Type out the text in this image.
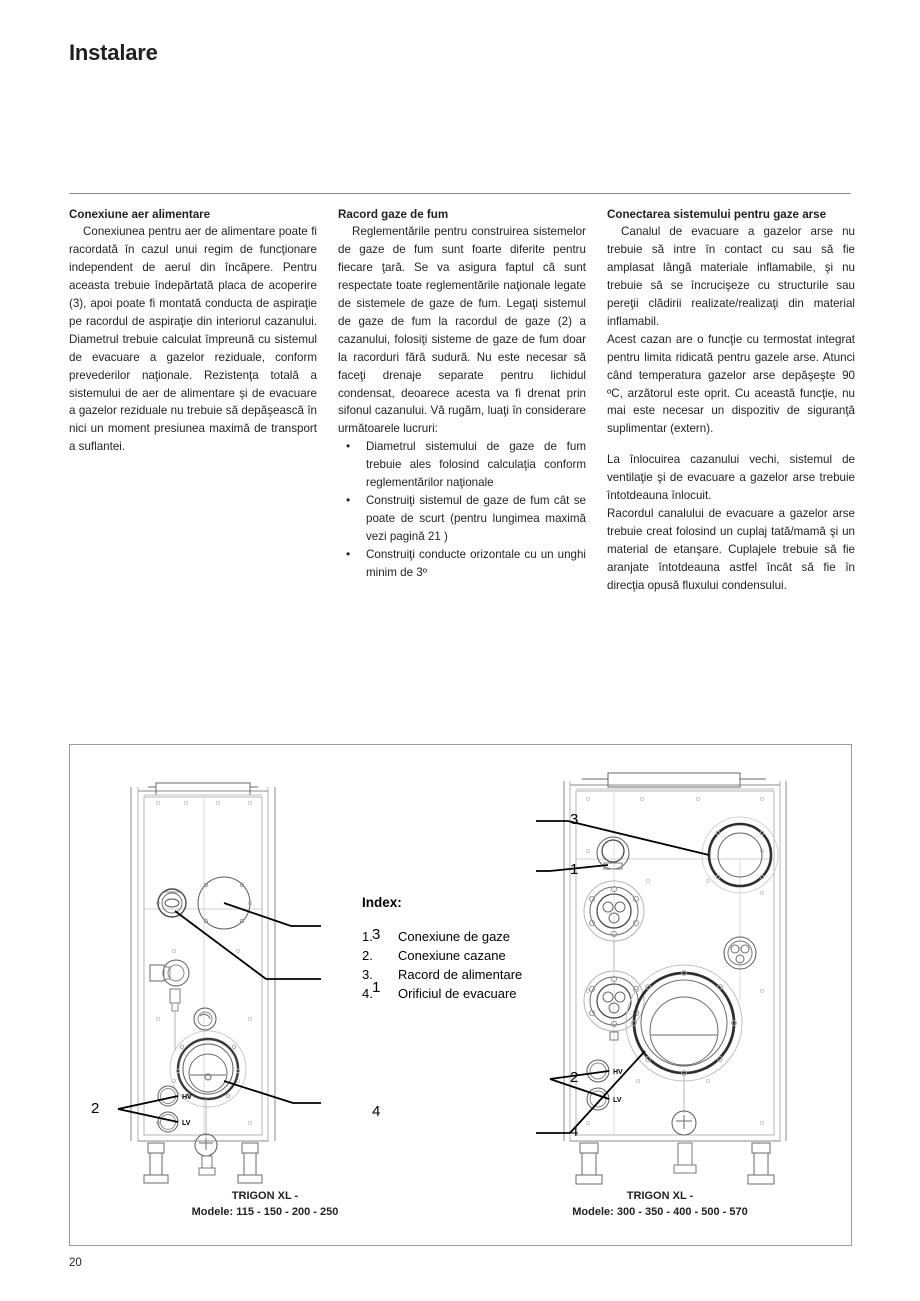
Instalare
Conexiune aer alimentare

Conexiunea pentru aer de alimentare poate fi racordată în cazul unui regim de funcţionare independent de aerul din încăpere. Pentru aceasta trebuie îndepărtată placa de acoperire (3), apoi poate fi montată conducta de aspiraţie pe racordul de aspiraţie din interiorul cazanului. Diametrul trebuie calculat împreună cu sistemul de evacuare a gazelor reziduale, conform prevederilor naţionale. Rezistenţa totală a sistemului de aer de alimentare şi de evacuare a gazelor reziduale nu trebuie să depăşească în nici un moment presiunea maximă de transport a suflantei.

Racord gaze de fum

Reglementările pentru construirea sistemelor de gaze de fum sunt foarte diferite pentru fiecare ţară. Se va asigura faptul că sunt respectate toate reglementările naţionale legate de sistemele de gaze de fum. Legaţi sistemul de gaze de fum la racordul de gaze (2) a cazanului, folosiţi sisteme de gaze de fum doar la racorduri fără sudură. Nu este necesar să faceţi drenaje separate pentru lichidul condensat, deoarece acesta va fi drenat prin sifonul cazanului. Vă rugăm, luaţi în considerare următoarele lucruri:

• Diametrul sistemului de gaze de fum trebuie ales folosind calculaţia conform reglementărilor naţionale
• Construiţi sistemul de gaze de fum cât se poate de scurt (pentru lungimea maximă vezi pagină 21 )
• Construiţi conducte orizontale cu un unghi minim de 3º
Conectarea sistemului pentru gaze arse

Canalul de evacuare a gazelor arse nu trebuie să intre în contact cu sau să fie amplasat lângă materiale inflamabile, şi nu trebuie să se încrucişeze cu structurile sau pereţii clădirii realizate/realizaţi din material inflamabil.

Acest cazan are o funcţie cu termostat integrat pentru limita ridicată pentru gazele arse. Atunci când temperatura gazelor arse depăşeşte 90 ºC, arzătorul este oprit. Cu această funcţie, nu mai este necesar un dispozitiv de siguranţă suplimentar (extern).

La înlocuirea cazanului vechi, sistemul de ventilaţie şi de evacuare a gazelor arse trebuie întotdeauna înlocuit.

Racordul canalului de evacuare a gazelor arse trebuie creat folosind un cuplaj tată/mamă şi un material de etanşare. Cuplajele trebuie să fie aranjate întotdeauna astfel încât să fie în direcţia opusă fluxului condensului.

HV
LV
3
1
2	4
Index:
1.	Conexiune de gaze
2.	Conexiune cazane
3.	Racord de alimentare
4.	Orificiul de evacuare
HV
LV
3
1
2
4
TRIGON XL -
Modele: 115 - 150 - 200 - 250
TRIGON XL -
Modele: 300 - 350 - 400 - 500 - 570
20
